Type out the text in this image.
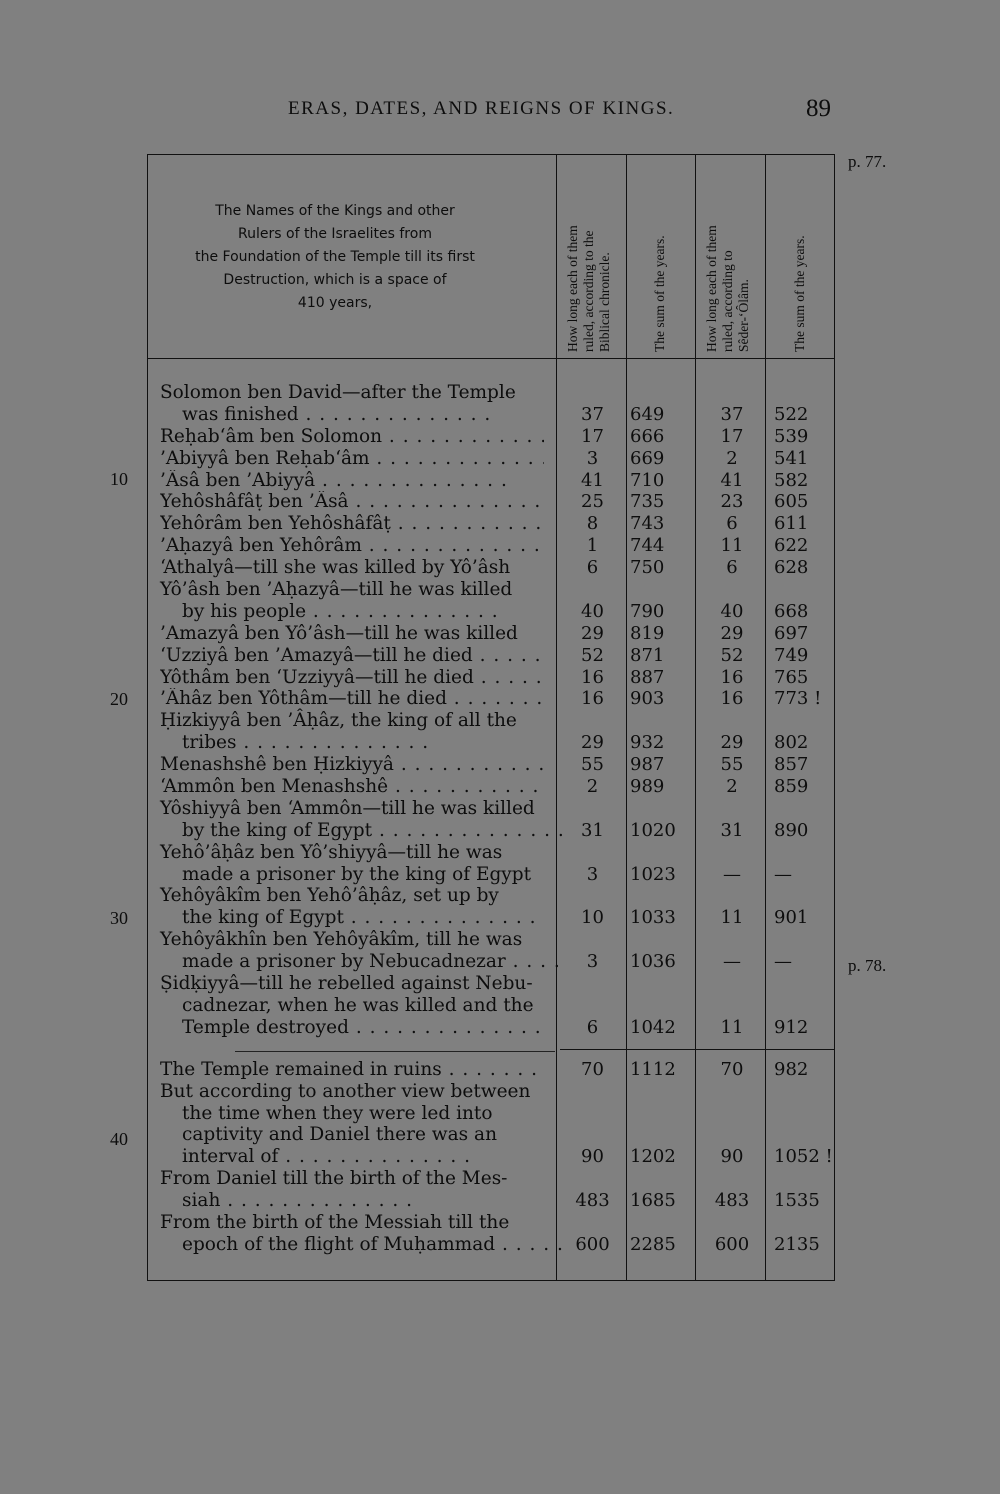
ERAS, DATES, AND REIGNS OF KINGS.	89
p. 77.
p. 78.
10
20
30
40
The Names of the Kings and other
Rulers of the Israelites from
the Foundation of the Temple till its first
Destruction, which is a space of
410 years,
How long each of them
ruled, according to the
Biblical chronicle.	The sum of the years.	How long each of them
ruled, according to
Sêder-‘Ôlâm.	The sum of the years.
Solomon ben David—after the Temple
was finished . .	37	649	37	522
Reḥab‘âm ben Solomon . .	17	666	17	539
’Abiyyâ ben Reḥab‘âm . .	3	669	2	541
’Âsâ ben ’Abiyyâ . .	41	710	41	582
Yehôshâfâṭ ben ’Âsâ . .	25	735	23	605
Yehôrâm ben Yehôshâfâṭ . .	8	743	6	611
’Aḥazyâ ben Yehôrâm . .	1	744	11	622
‘Athalyâ—till she was killed by Yô’âsh	6	750	6	628
Yô’âsh ben ’Aḥazyâ—till he was killed
by his people . .	40	790	40	668
’Amazyâ ben Yô’âsh—till he was killed	29	819	29	697
‘Uzziyâ ben ’Amazyâ—till he died . .	52	871	52	749
Yôthâm ben ‘Uzziyyâ—till he died . .	16	887	16	765
’Âhâz ben Yôthâm—till he died . .	16	903	16	773 !
Ḥizkiyyâ ben ’Âḥâz, the king of all the
tribes . .	29	932	29	802
Menashshê ben Ḥizkiyyâ . .	55	987	55	857
‘Ammôn ben Menashshê . .	2	989	2	859
Yôshiyyâ ben ‘Ammôn—till he was killed
by the king of Egypt . .	31	1020	31	890
Yehô’âḥâz ben Yô’shiyyâ—till he was
made a prisoner by the king of Egypt	3	1023	—	—
Yehôyâkîm ben Yehô’âḥâz, set up by
the king of Egypt . .	10	1033	11	901
Yehôyâkhîn ben Yehôyâkîm, till he was
made a prisoner by Nebucadnezar . .	3	1036	—	—
Ṣidḳiyyâ—till he rebelled against Nebu-
cadnezar, when he was killed and the
Temple destroyed . .	6	1042	11	912
The Temple remained in ruins . .	70	1112	70	982
But according to another view between
the time when they were led into
captivity and Daniel there was an
interval of . .	90	1202	90	1052 !
From Daniel till the birth of the Mes-
siah . .	483 1685	483	1535
From the birth of the Messiah till the
epoch of the flight of Muḥammad . .	600 2285	600	2135
